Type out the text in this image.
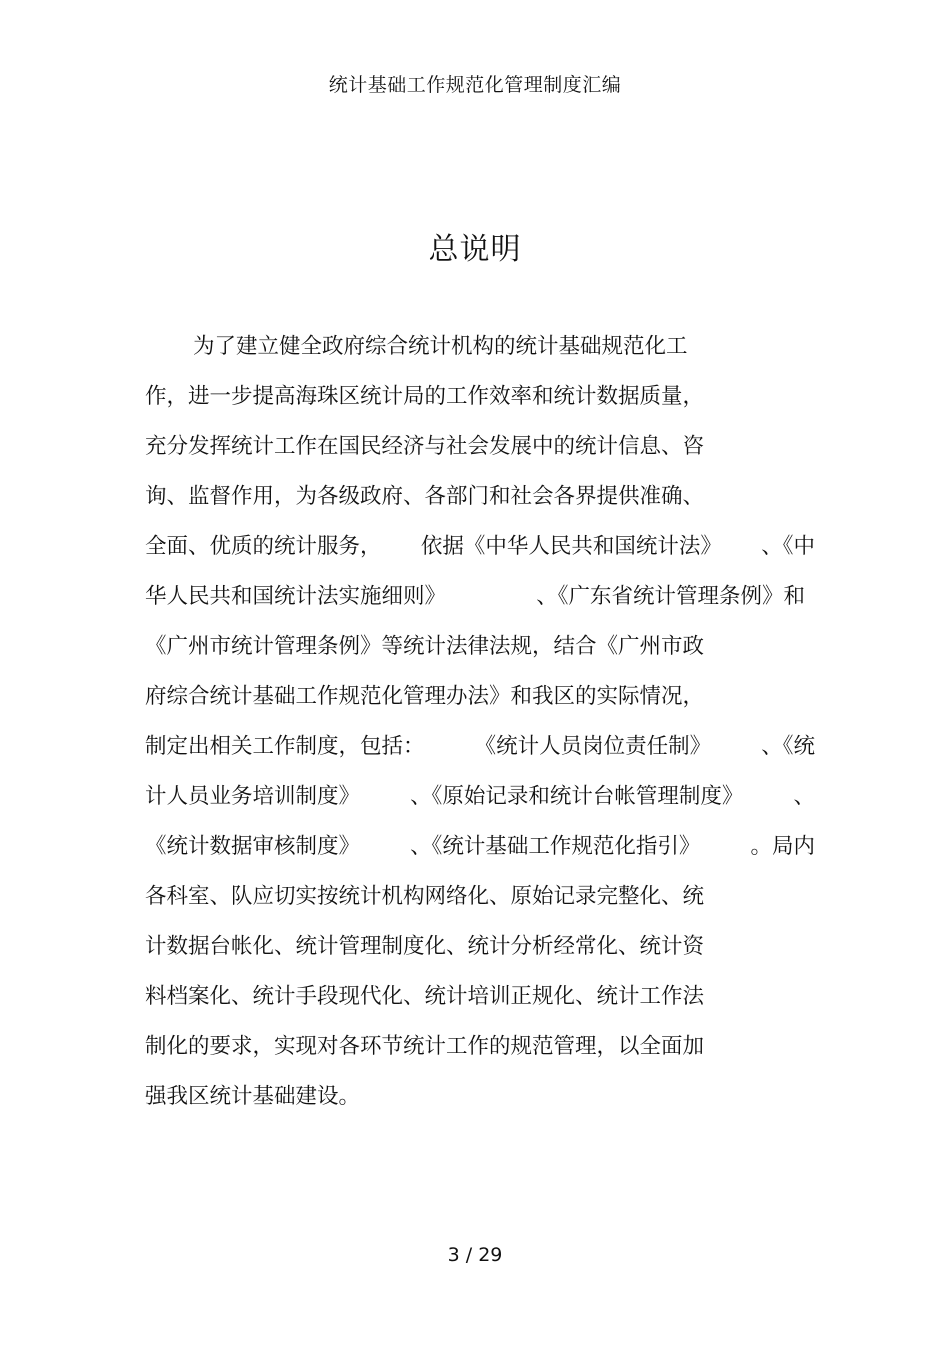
统计基础工作规范化管理制度汇编
总说明
为了建立健全政府综合统计机构的统计基础规范化工
作，进一步提高海珠区统计局的工作效率和统计数据质量，
充分发挥统计工作在国民经济与社会发展中的统计信息、咨
询、监督作用，为各级政府、各部门和社会各界提供准确、
全面、优质的统计服务， 依据《中华人民共和国统计法》 、《中
华人民共和国统计法实施细则》	、《广东省统计管理条例》和
《广州市统计管理条例》等统计法律法规，结合《广州市政
府综合统计基础工作规范化管理办法》和我区的实际情况，
制定出相关工作制度，包括： 《统计人员岗位责任制》 、《统
计人员业务培训制度》 、《原始记录和统计台帐管理制度》 、
《统计数据审核制度》 、《统计基础工作规范化指引》 。局内
各科室、队应切实按统计机构网络化、原始记录完整化、统
计数据台帐化、统计管理制度化、统计分析经常化、统计资
料档案化、统计手段现代化、统计培训正规化、统计工作法
制化的要求，实现对各环节统计工作的规范管理，以全面加
强我区统计基础建设。
3 / 29
